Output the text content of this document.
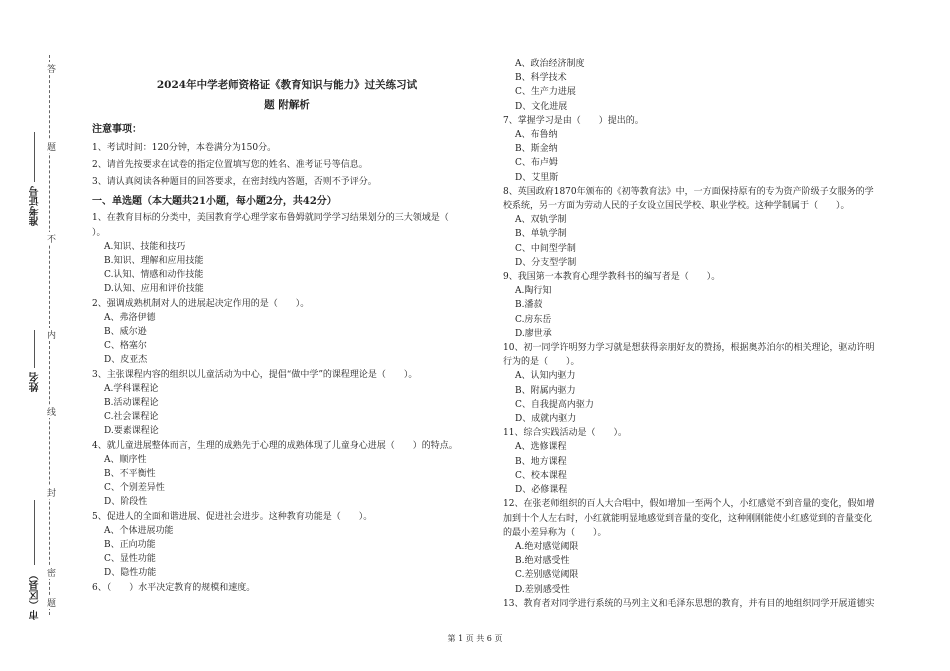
准考证号
姓名
市（区县）
答
题
不
内
线
封
密
题
2024年中学老师资格证《教育知识与能力》过关练习试
题 附解析
注意事项：
1、考试时间：120分钟，本卷满分为150分。
2、请首先按要求在试卷的指定位置填写您的姓名、准考证号等信息。
3、请认真阅读各种题目的回答要求，在密封线内答题，否则不予评分。
一、单选题（本大题共21小题，每小题2分，共42分）
1、在教育目标的分类中，美国教育学心理学家布鲁姆就同学学习结果划分的三大领域是（
）。
A.知识、技能和技巧
B.知识、理解和应用技能
C.认知、情感和动作技能
D.认知、应用和评价技能
2、强调成熟机制对人的进展起决定作用的是（　　）。
A、弗洛伊德
B、威尔逊
C、格塞尔
D、皮亚杰
3、主张课程内容的组织以儿童活动为中心，提倡“做中学”的课程理论是（　　）。
A.学科课程论
B.活动课程论
C.社会课程论
D.要素课程论
4、就儿童进展整体而言，生理的成熟先于心理的成熟体现了儿童身心进展（　　）的特点。
A、顺序性
B、不平衡性
C、个别差异性
D、阶段性
5、促进人的全面和谐进展、促进社会进步。这种教育功能是（　　）。
A、个体进展功能
B、正向功能
C、显性功能
D、隐性功能
6、（　　）水平决定教育的规模和速度。
A、政治经济制度
B、科学技术
C、生产力进展
D、文化进展
7、掌握学习是由（　　）提出的。
A、布鲁纳
B、斯金纳
C、布卢姆
D、艾里斯
8、英国政府1870年颁布的《初等教育法》中，一方面保持原有的专为资产阶级子女服务的学
校系统，另一方面为劳动人民的子女设立国民学校、职业学校。这种学制属于（　　）。
A、双轨学制
B、单轨学制
C、中间型学制
D、分支型学制
9、我国第一本教育心理学教科书的编写者是（　　）。
A.陶行知
B.潘菽
C.房东岳
D.廖世承
10、初一同学许明努力学习就是想获得亲朋好友的赞扬，根据奥苏泊尔的相关理论，驱动许明
行为的是（　　）。
A、认知内驱力
B、附属内驱力
C、自我提高内驱力
D、成就内驱力
11、综合实践活动是（　　）。
A、选修课程
B、地方课程
C、校本课程
D、必修课程
12、在张老师组织的百人大合唱中，假如增加一至两个人，小红感觉不到音量的变化，假如增
加到十个人左右时，小红就能明显地感觉到音量的变化，这种刚刚能使小红感觉到的音量变化
的最小差异称为（　　）。
A.绝对感觉阈限
B.绝对感受性
C.差别感觉阈限
D.差别感受性
13、教育者对同学进行系统的马列主义和毛泽东思想的教育，并有目的地组织同学开展道德实
第 1 页 共 6 页
